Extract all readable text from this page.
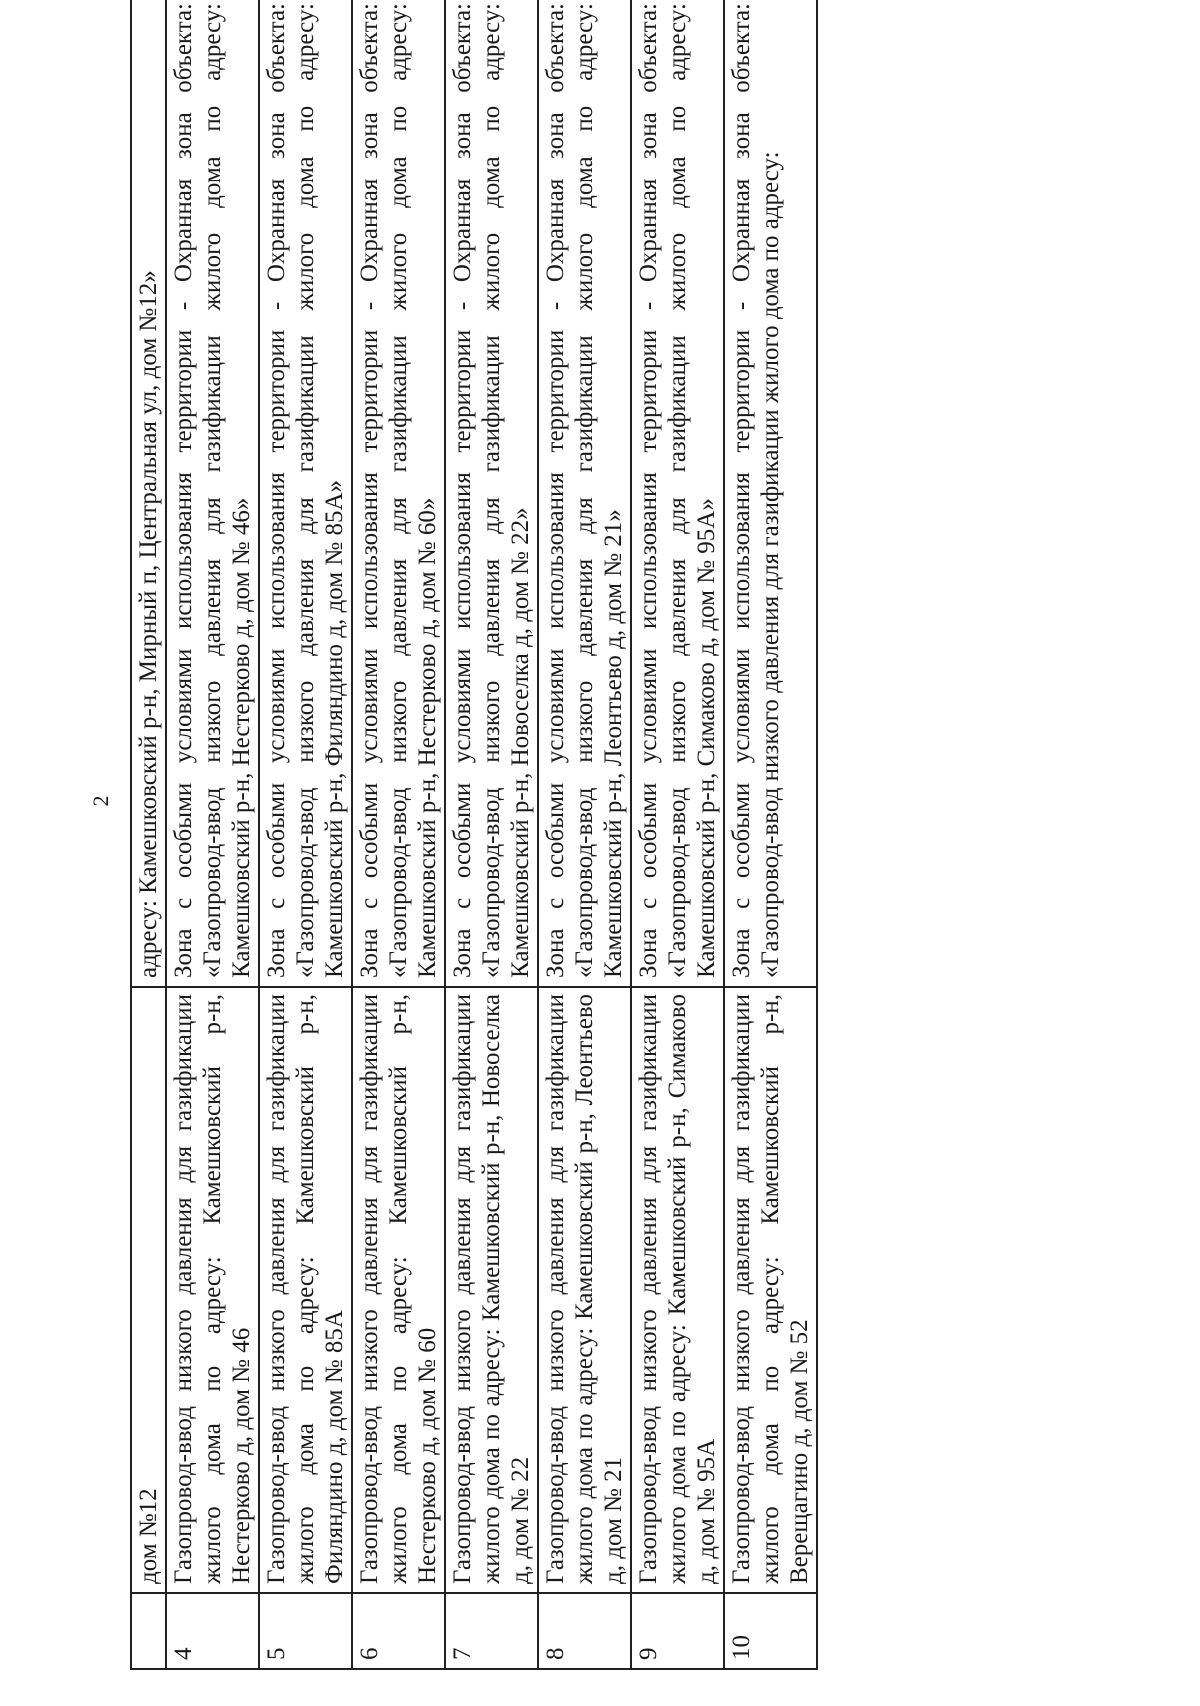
2
	дом №12	адресу: Камешковский р-н, Мирный п, Центральная ул, дом №12»
4	Газопровод-ввод низкого давления для газификации жилого дома по адресу: Камешковский р-н, Нестерково д, дом № 46	Зона с особыми условиями использования территории - Охранная зона объекта: «Газопровод-ввод низкого давления для газификации жилого дома по адресу: Камешковский р-н, Нестерково д, дом № 46»
5	Газопровод-ввод низкого давления для газификации жилого дома по адресу: Камешковский р-н, Филяндино д, дом № 85А	Зона с особыми условиями использования территории - Охранная зона объекта: «Газопровод-ввод низкого давления для газификации жилого дома по адресу: Камешковский р-н, Филяндино д, дом № 85А»
6	Газопровод-ввод низкого давления для газификации жилого дома по адресу: Камешковский р-н, Нестерково д, дом № 60	Зона с особыми условиями использования территории - Охранная зона объекта: «Газопровод-ввод низкого давления для газификации жилого дома по адресу: Камешковский р-н, Нестерково д, дом № 60»
7	Газопровод-ввод низкого давления для газификации жилого дома по адресу: Камешковский р-н, Новоселка д, дом № 22	Зона с особыми условиями использования территории - Охранная зона объекта: «Газопровод-ввод низкого давления для газификации жилого дома по адресу: Камешковский р-н, Новоселка д, дом № 22»
8	Газопровод-ввод низкого давления для газификации жилого дома по адресу: Камешковский р-н, Леонтьево д, дом № 21	Зона с особыми условиями использования территории - Охранная зона объекта: «Газопровод-ввод низкого давления для газификации жилого дома по адресу: Камешковский р-н, Леонтьево д, дом № 21»
9	Газопровод-ввод низкого давления для газификации жилого дома по адресу: Камешковский р-н, Симаково д, дом № 95А	Зона с особыми условиями использования территории - Охранная зона объекта: «Газопровод-ввод низкого давления для газификации жилого дома по адресу: Камешковский р-н, Симаково д, дом № 95А»
10	Газопровод-ввод низкого давления для газификации жилого дома по адресу: Камешковский р-н, Верещагино д, дом № 52	Зона с особыми условиями использования территории - Охранная зона объекта: «Газопровод-ввод низкого давления для газификации жилого дома по адресу:
